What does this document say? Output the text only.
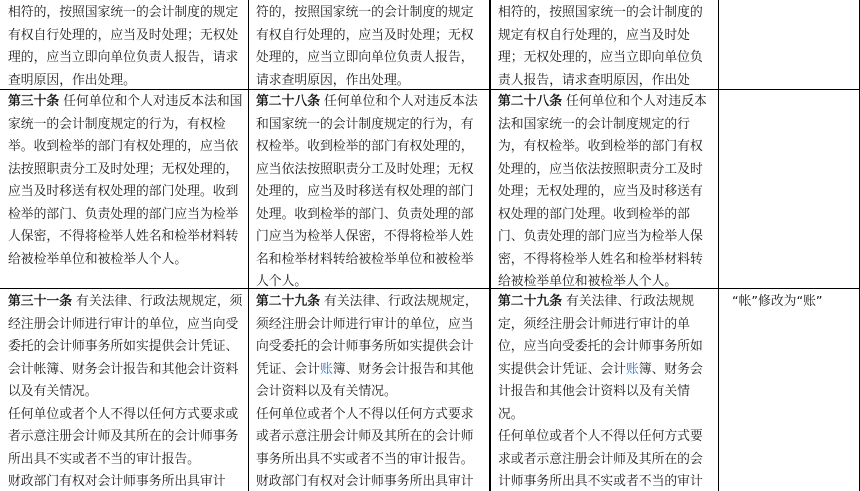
相符的，按照国家统一的会计制度的规定有权自行处理的，应当及时处理；无权处理的，应当立即向单位负责人报告，请求查明原因，作出处理。

符的，按照国家统一的会计制度的规定有权自行处理的，应当及时处理；无权处理的，应当立即向单位负责人报告，请求查明原因，作出处理。

相符的，按照国家统一的会计制度的规定有权自行处理的，应当及时处理；无权处理的，应当立即向单位负责人报告，请求查明原因，作出处

第三十条 任何单位和个人对违反本法和国家统一的会计制度规定的行为，有权检举。收到检举的部门有权处理的，应当依法按照职责分工及时处理；无权处理的，应当及时移送有权处理的部门处理。收到检举的部门、负责处理的部门应当为检举人保密，不得将检举人姓名和检举材料转给被检举单位和被检举人个人。

第二十八条 任何单位和个人对违反本法和国家统一的会计制度规定的行为，有权检举。收到检举的部门有权处理的，应当依法按照职责分工及时处理；无权处理的，应当及时移送有权处理的部门处理。收到检举的部门、负责处理的部门应当为检举人保密，不得将检举人姓名和检举材料转给被检举单位和被检举人个人。

第二十八条 任何单位和个人对违反本法和国家统一的会计制度规定的行为，有权检举。收到检举的部门有权处理的，应当依法按照职责分工及时处理；无权处理的，应当及时移送有权处理的部门处理。收到检举的部门、负责处理的部门应当为检举人保密，不得将检举人姓名和检举材料转给被检举单位和被检举人个人。

第三十一条 有关法律、行政法规规定，须经注册会计师进行审计的单位，应当向受委托的会计师事务所如实提供会计凭证、会计帐簿、财务会计报告和其他会计资料以及有关情况。

任何单位或者个人不得以任何方式要求或者示意注册会计师及其所在的会计师事务所出具不实或者不当的审计报告。

财政部门有权对会计师事务所出具审计

第二十九条 有关法律、行政法规规定，须经注册会计师进行审计的单位，应当向受委托的会计师事务所如实提供会计凭证、会计账簿、财务会计报告和其他会计资料以及有关情况。

任何单位或者个人不得以任何方式要求或者示意注册会计师及其所在的会计师事务所出具不实或者不当的审计报告。

财政部门有权对会计师事务所出具审计

第二十九条 有关法律、行政法规规定，须经注册会计师进行审计的单位，应当向受委托的会计师事务所如实提供会计凭证、会计账簿、财务会计报告和其他会计资料以及有关情况。

任何单位或者个人不得以任何方式要求或者示意注册会计师及其所在的会计师事务所出具不实或者不当的审计

“帐”修改为“账”
